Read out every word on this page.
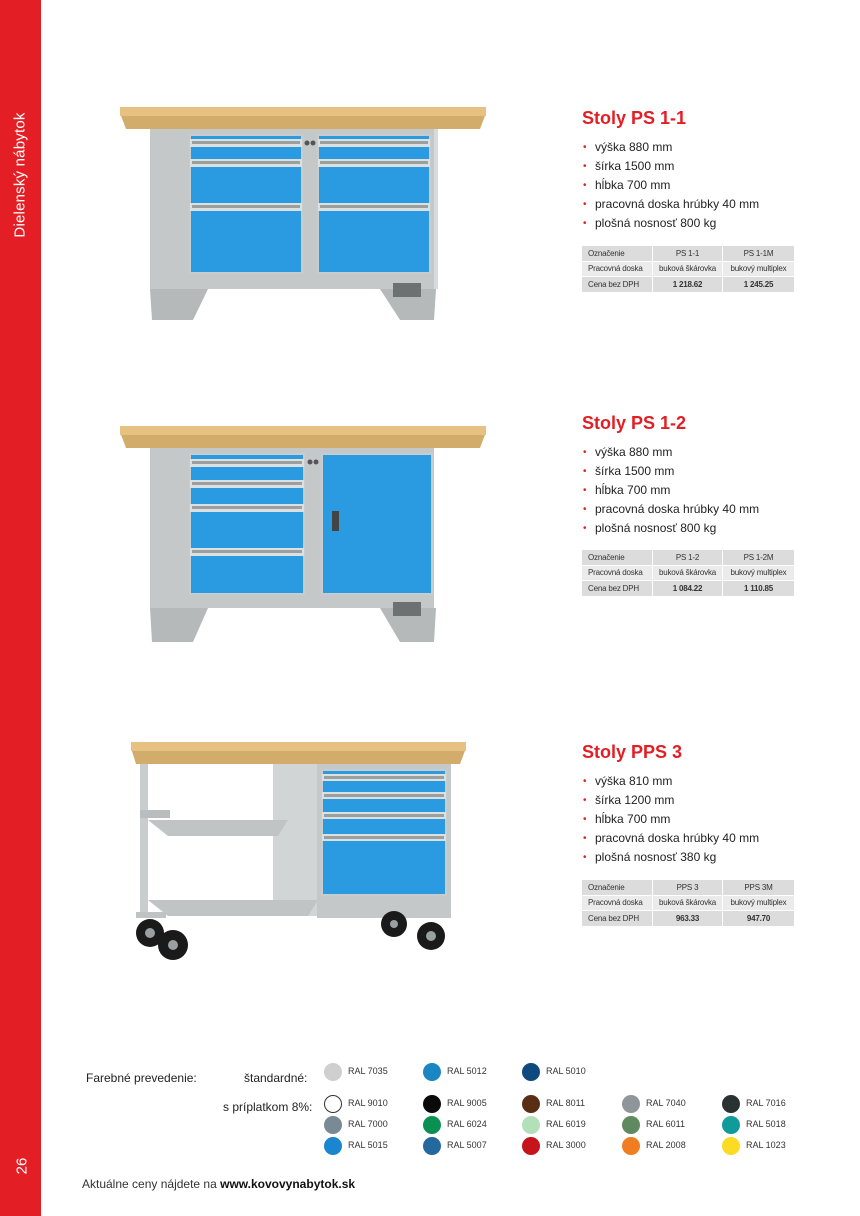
Dielenský nábytok
26
Stoly PS 1-1
• výška 880 mm
• šírka 1500 mm
• hĺbka 700 mm
• pracovná doska hrúbky 40 mm
• plošná nosnosť 800 kg
Označenie	PS 1-1	PS 1-1M
Pracovná doska	buková škárovka	bukový multiplex
Cena bez DPH	1 218.62	1 245.25
Stoly PS 1-2
• výška 880 mm
• šírka 1500 mm
• hĺbka 700 mm
• pracovná doska hrúbky 40 mm
• plošná nosnosť 800 kg
Označenie	PS 1-2	PS 1-2M
Pracovná doska	buková škárovka	bukový multiplex
Cena bez DPH	1 084.22	1 110.85
Stoly PPS 3
• výška 810 mm
• šírka 1200 mm
• hĺbka 700 mm
• pracovná doska hrúbky 40 mm
• plošná nosnosť 380 kg
Označenie	PPS 3	PPS 3M
Pracovná doska	buková škárovka	bukový multiplex
Cena bez DPH	963.33	947.70
Farebné prevedenie:	štandardné:
s príplatkom 8%:
RAL 7035	RAL 5012	RAL 5010
RAL 9010	RAL 9005	RAL 8011	RAL 7040	RAL 7016
RAL 7000	RAL 6024	RAL 6019	RAL 6011	RAL 5018
RAL 5015	RAL 5007	RAL 3000	RAL 2008	RAL 1023
Aktuálne ceny nájdete na www.kovovynabytok.sk
